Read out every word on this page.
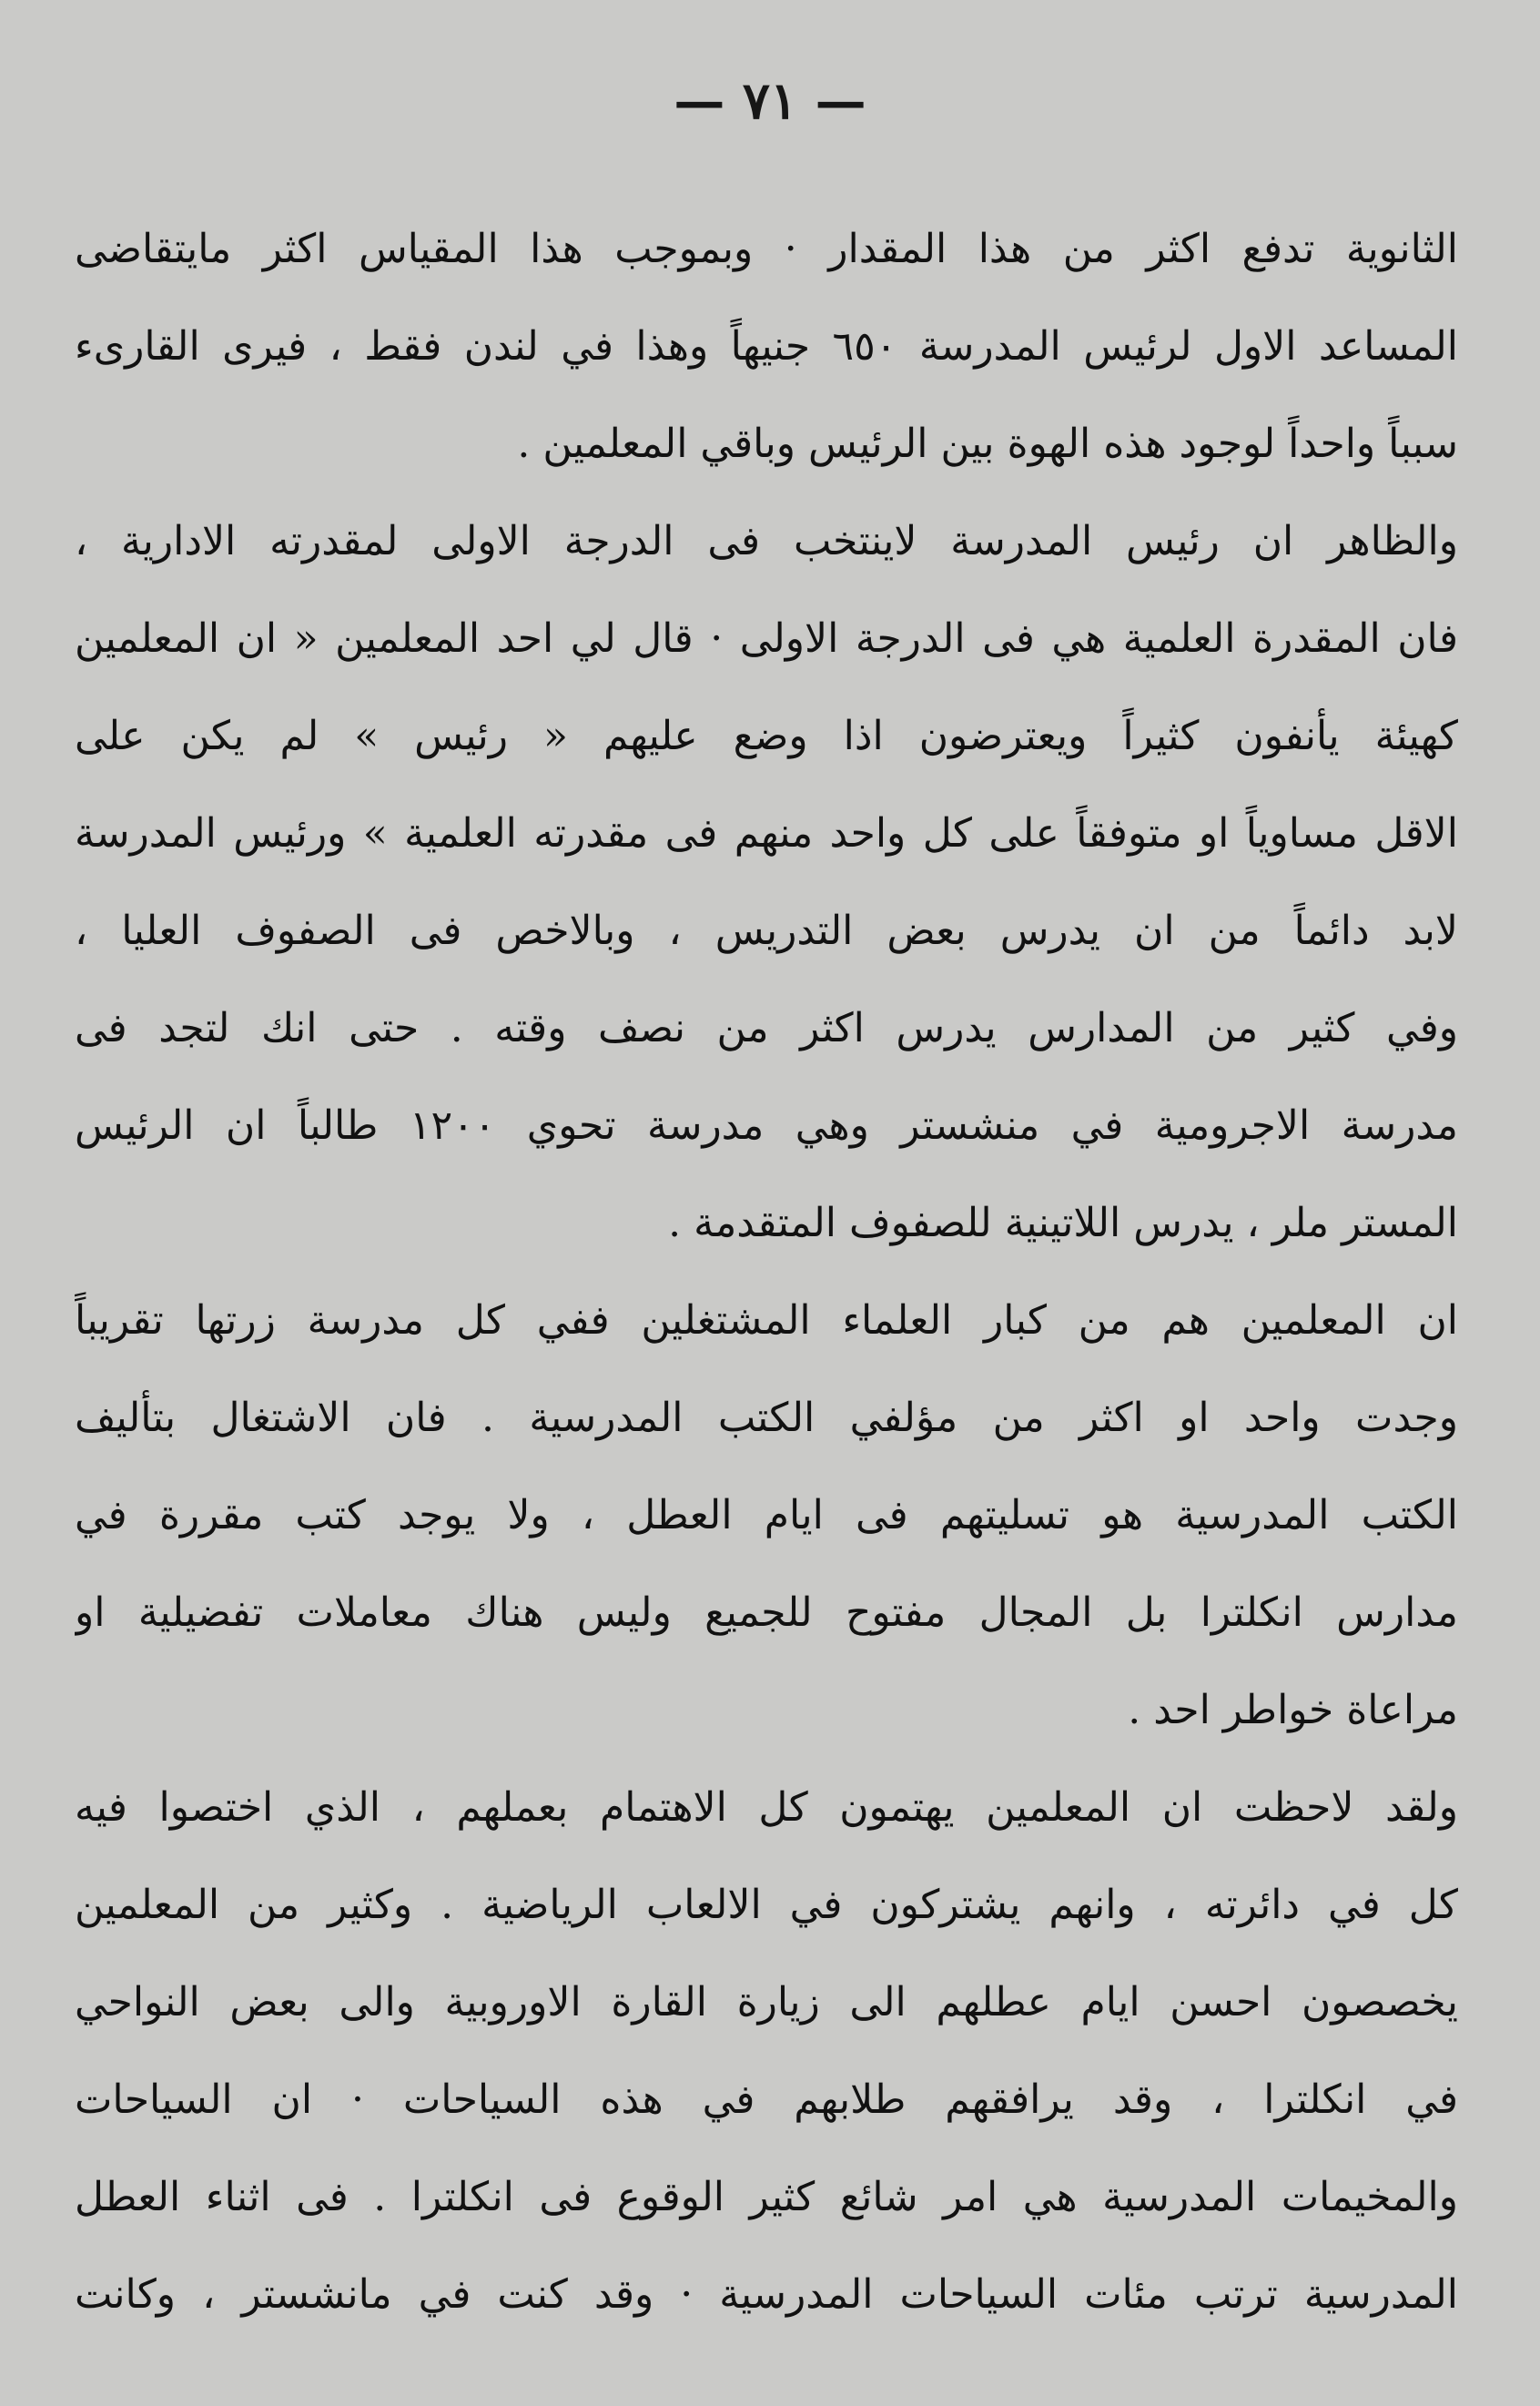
— ٧١ —
الثانوية تدفع اكثر من هذا المقدار · وبموجب هذا المقياس اكثر مايتقاضى
المساعد الاول لرئيس المدرسة ٦٥٠ جنيهاً وهذا في لندن فقط ، فيرى القارىء
سبباً واحداً لوجود هذه الهوة بين الرئيس وباقي المعلمين .
والظاهر ان رئيس المدرسة لاينتخب فى الدرجة الاولى لمقدرته الادارية ،
فان المقدرة العلمية هي فى الدرجة الاولى · قال لي احد المعلمين « ان المعلمين
كهيئة يأنفون كثيراً ويعترضون اذا وضع عليهم « رئيس » لم يكن على
الاقل مساوياً او متوفقاً على كل واحد منهم فى مقدرته العلمية » ورئيس المدرسة
لابد دائماً من ان يدرس بعض التدريس ، وبالاخص فى الصفوف العليا ،
وفي كثير من المدارس يدرس اكثر من نصف وقته . حتى انك لتجد فى
مدرسة الاجرومية في منشستر وهي مدرسة تحوي ١٢٠٠ طالباً ان الرئيس
المستر ملر ، يدرس اللاتينية للصفوف المتقدمة .
ان المعلمين هم من كبار العلماء المشتغلين ففي كل مدرسة زرتها تقريباً
وجدت واحد او اكثر من مؤلفي الكتب المدرسية . فان الاشتغال بتأليف
الكتب المدرسية هو تسليتهم فى ايام العطل ، ولا يوجد كتب مقررة في
مدارس انكلترا بل المجال مفتوح للجميع وليس هناك معاملات تفضيلية او
مراعاة خواطر احد .
ولقد لاحظت ان المعلمين يهتمون كل الاهتمام بعملهم ، الذي اختصوا فيه
كل في دائرته ، وانهم يشتركون في الالعاب الرياضية . وكثير من المعلمين
يخصصون احسن ايام عطلهم الى زيارة القارة الاوروبية والى بعض النواحي
في انكلترا ، وقد يرافقهم طلابهم في هذه السياحات · ان السياحات
والمخيمات المدرسية هي امر شائع كثير الوقوع فى انكلترا . فى اثناء العطل
المدرسية ترتب مئات السياحات المدرسية · وقد كنت في مانشستر ، وكانت
